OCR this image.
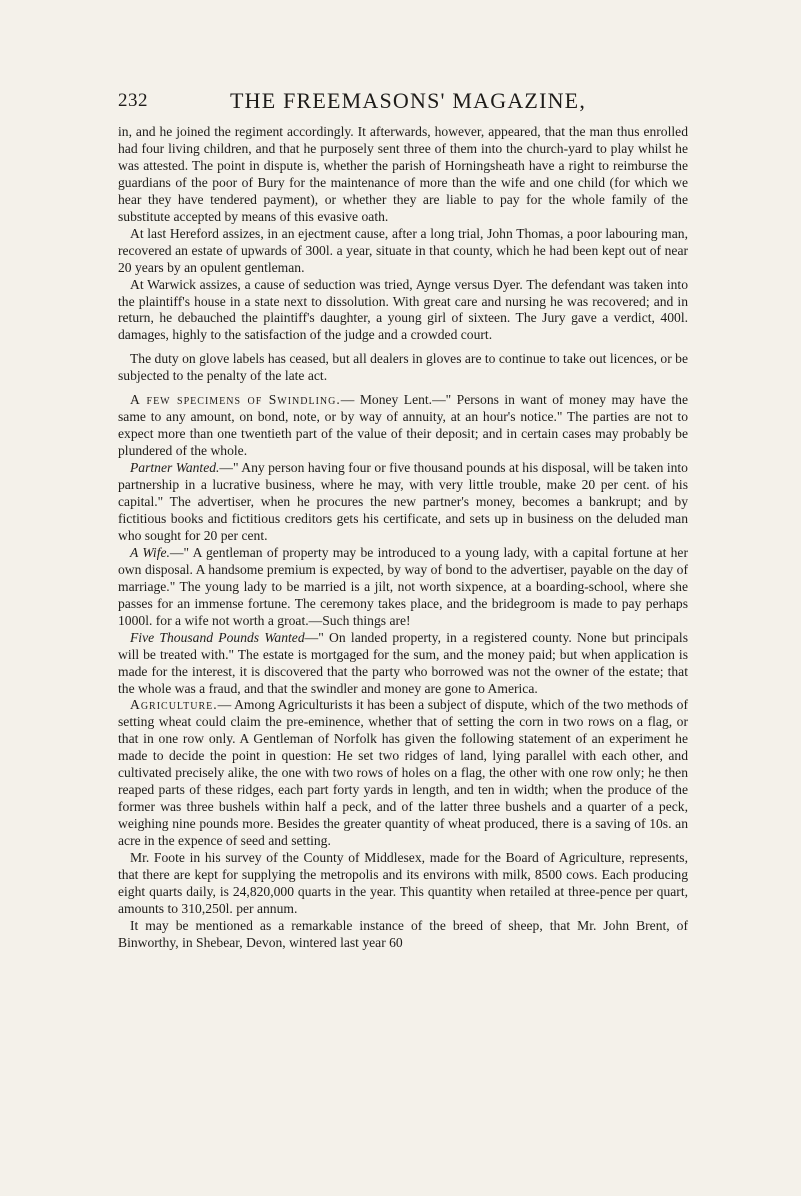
232	THE FREEMASONS' MAGAZINE,

in, and he joined the regiment accordingly. It afterwards, however, appeared, that the man thus enrolled had four living children, and that he purposely sent three of them into the church-yard to play whilst he was attested. The point in dispute is, whether the parish of Horningsheath have a right to reimburse the guardians of the poor of Bury for the maintenance of more than the wife and one child (for which we hear they have tendered payment), or whether they are liable to pay for the whole family of the substitute accepted by means of this evasive oath.

At last Hereford assizes, in an ejectment cause, after a long trial, John Thomas, a poor labouring man, recovered an estate of upwards of 300l. a year, situate in that county, which he had been kept out of near 20 years by an opulent gentleman.

At Warwick assizes, a cause of seduction was tried, Aynge versus Dyer. The defendant was taken into the plaintiff's house in a state next to dissolution. With great care and nursing he was recovered; and in return, he debauched the plaintiff's daughter, a young girl of sixteen. The Jury gave a verdict, 400l. damages, highly to the satisfaction of the judge and a crowded court.

The duty on glove labels has ceased, but all dealers in gloves are to continue to take out licences, or be subjected to the penalty of the late act.

A few specimens of Swindling.— Money Lent.—" Persons in want of money may have the same to any amount, on bond, note, or by way of annuity, at an hour's notice." The parties are not to expect more than one twentieth part of the value of their deposit; and in certain cases may probably be plundered of the whole.

Partner Wanted.—" Any person having four or five thousand pounds at his disposal, will be taken into partnership in a lucrative business, where he may, with very little trouble, make 20 per cent. of his capital." The advertiser, when he procures the new partner's money, becomes a bankrupt; and by fictitious books and fictitious creditors gets his certificate, and sets up in business on the deluded man who sought for 20 per cent.

A Wife.—" A gentleman of property may be introduced to a young lady, with a capital fortune at her own disposal. A handsome premium is expected, by way of bond to the advertiser, payable on the day of marriage." The young lady to be married is a jilt, not worth sixpence, at a boarding-school, where she passes for an immense fortune. The ceremony takes place, and the bridegroom is made to pay perhaps 1000l. for a wife not worth a groat.—Such things are!

Five Thousand Pounds Wanted—" On landed property, in a registered county. None but principals will be treated with." The estate is mortgaged for the sum, and the money paid; but when application is made for the interest, it is discovered that the party who borrowed was not the owner of the estate; that the whole was a fraud, and that the swindler and money are gone to America.

Agriculture.— Among Agriculturists it has been a subject of dispute, which of the two methods of setting wheat could claim the pre-eminence, whether that of setting the corn in two rows on a flag, or that in one row only. A Gentleman of Norfolk has given the following statement of an experiment he made to decide the point in question: He set two ridges of land, lying parallel with each other, and cultivated precisely alike, the one with two rows of holes on a flag, the other with one row only; he then reaped parts of these ridges, each part forty yards in length, and ten in width; when the produce of the former was three bushels within half a peck, and of the latter three bushels and a quarter of a peck, weighing nine pounds more. Besides the greater quantity of wheat produced, there is a saving of 10s. an acre in the expence of seed and setting.

Mr. Foote in his survey of the County of Middlesex, made for the Board of Agriculture, represents, that there are kept for supplying the metropolis and its environs with milk, 8500 cows. Each producing eight quarts daily, is 24,820,000 quarts in the year. This quantity when retailed at three-pence per quart, amounts to 310,250l. per annum.

It may be mentioned as a remarkable instance of the breed of sheep, that Mr. John Brent, of Binworthy, in Shebear, Devon, wintered last year 60
